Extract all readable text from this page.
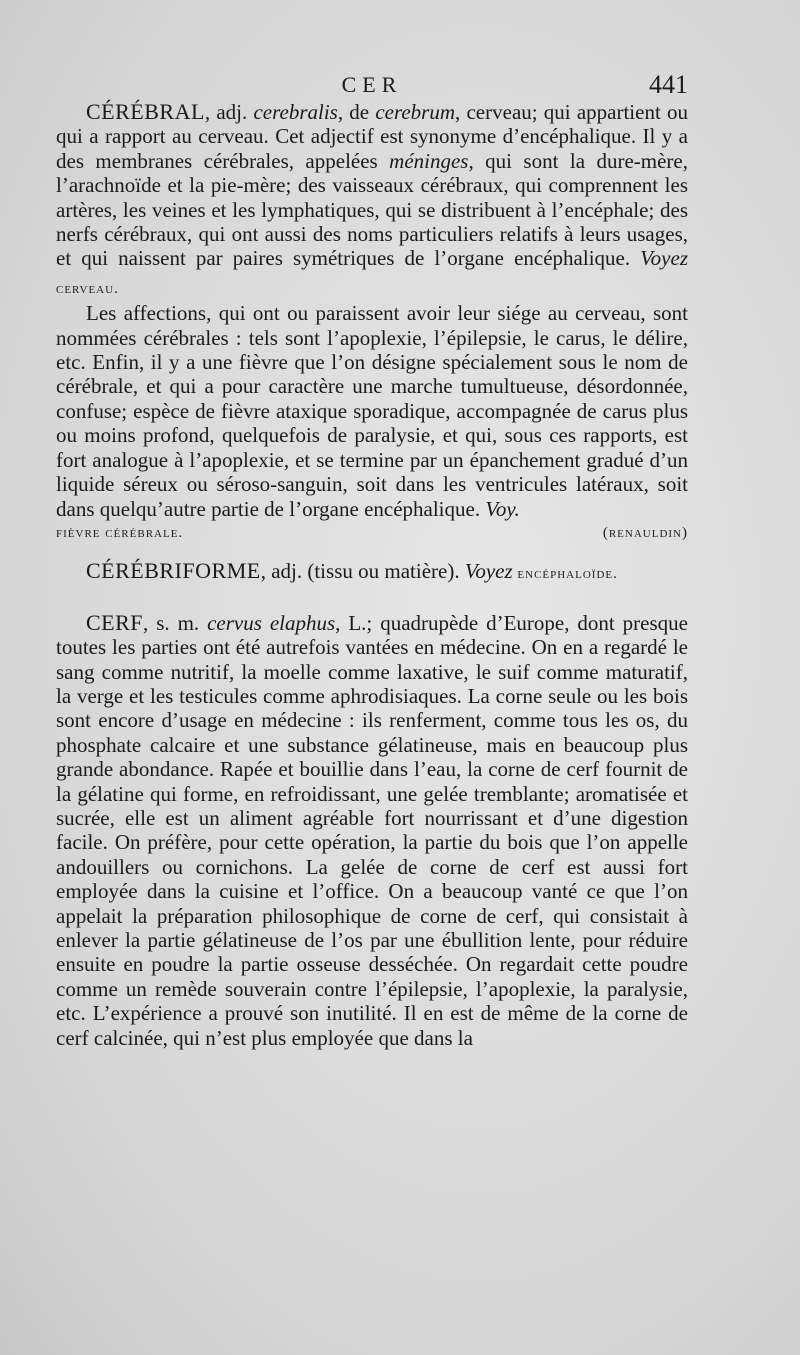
CER	441

CÉRÉBRAL, adj. cerebralis, de cerebrum, cerveau; qui appartient ou qui a rapport au cerveau. Cet adjectif est synonyme d’encéphalique. Il y a des membranes cérébrales, appelées méninges, qui sont la dure-mère, l’arachnoïde et la pie-mère; des vaisseaux cérébraux, qui comprennent les artères, les veines et les lymphatiques, qui se distribuent à l’encéphale; des nerfs cérébraux, qui ont aussi des noms particuliers relatifs à leurs usages, et qui naissent par paires symétriques de l’organe encéphalique. Voyez cerveau.

Les affections, qui ont ou paraissent avoir leur siége au cerveau, sont nommées cérébrales : tels sont l’apoplexie, l’épilepsie, le carus, le délire, etc. Enfin, il y a une fièvre que l’on désigne spécialement sous le nom de cérébrale, et qui a pour caractère une marche tumultueuse, désordonnée, confuse; espèce de fièvre ataxique sporadique, accompagnée de carus plus ou moins profond, quelquefois de paralysie, et qui, sous ces rapports, est fort analogue à l’apoplexie, et se termine par un épanchement gradué d’un liquide séreux ou séroso-sanguin, soit dans les ventricules latéraux, soit dans quelqu’autre partie de l’organe encéphalique. Voy.

fièvre cérébrale.	(renauldin)

CÉRÉBRIFORME, adj. (tissu ou matière). Voyez encéphaloïde.

CERF, s. m. cervus elaphus, L.; quadrupède d’Europe, dont presque toutes les parties ont été autrefois vantées en médecine. On en a regardé le sang comme nutritif, la moelle comme laxative, le suif comme maturatif, la verge et les testicules comme aphrodisiaques. La corne seule ou les bois sont encore d’usage en médecine : ils renferment, comme tous les os, du phosphate calcaire et une substance gélatineuse, mais en beaucoup plus grande abondance. Rapée et bouillie dans l’eau, la corne de cerf fournit de la gélatine qui forme, en refroidissant, une gelée tremblante; aromatisée et sucrée, elle est un aliment agréable fort nourrissant et d’une digestion facile. On préfère, pour cette opération, la partie du bois que l’on appelle andouillers ou cornichons. La gelée de corne de cerf est aussi fort employée dans la cuisine et l’office. On a beaucoup vanté ce que l’on appelait la préparation philosophique de corne de cerf, qui consistait à enlever la partie gélatineuse de l’os par une ébullition lente, pour réduire ensuite en poudre la partie osseuse desséchée. On regardait cette poudre comme un remède souverain contre l’épilepsie, l’apoplexie, la paralysie, etc. L’expérience a prouvé son inutilité. Il en est de même de la corne de cerf calcinée, qui n’est plus employée que dans la
